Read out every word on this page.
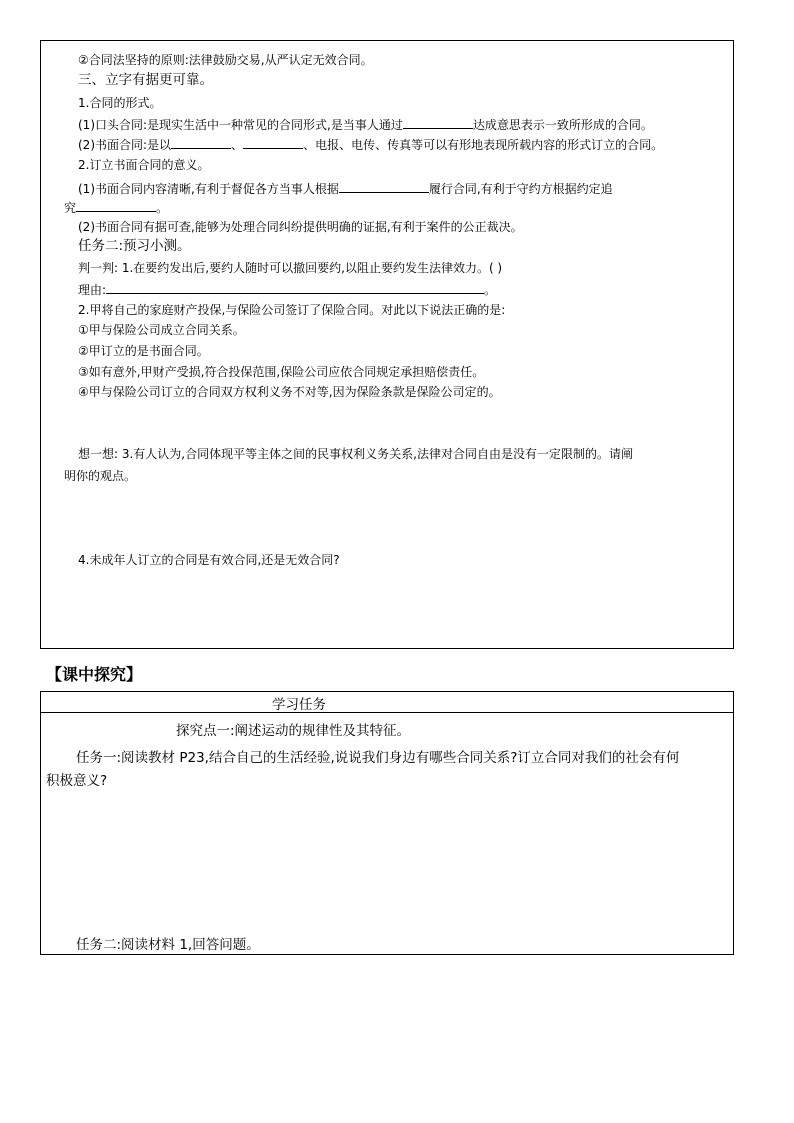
②合同法坚持的原则:法律鼓励交易,从严认定无效合同。
三、立字有据更可靠。
1.合同的形式。
(1)口头合同:是现实生活中一种常见的合同形式,是当事人通过	达成意思表示一致所形成的合同。
(2)书面合同:是以	、	、电报、电传、传真等可以有形地表现所载内容的形式订立的合同。
2.订立书面合同的意义。
(1)书面合同内容清晰,有利于督促各方当事人根据	履行合同,有利于守约方根据约定追
究	。
(2)书面合同有据可查,能够为处理合同纠纷提供明确的证据,有利于案件的公正裁决。
任务二:预习小测。
判一判: 1.在要约发出后,要约人随时可以撤回要约,以阻止要约发生法律效力。( )
理由:	。
2.甲将自己的家庭财产投保,与保险公司签订了保险合同。对此以下说法正确的是:
①甲与保险公司成立合同关系。
②甲订立的是书面合同。
③如有意外,甲财产受损,符合投保范围,保险公司应依合同规定承担赔偿责任。
④甲与保险公司订立的合同双方权利义务不对等,因为保险条款是保险公司定的。
想一想: 3.有人认为,合同体现平等主体之间的民事权利义务关系,法律对合同自由是没有一定限制的。请阐
明你的观点。
4.未成年人订立的合同是有效合同,还是无效合同?
【课中探究】
学习任务
探究点一:阐述运动的规律性及其特征。
任务一:阅读教材 P23,结合自己的生活经验,说说我们身边有哪些合同关系?订立合同对我们的社会有何
积极意义?
任务二:阅读材料 1,回答问题。
